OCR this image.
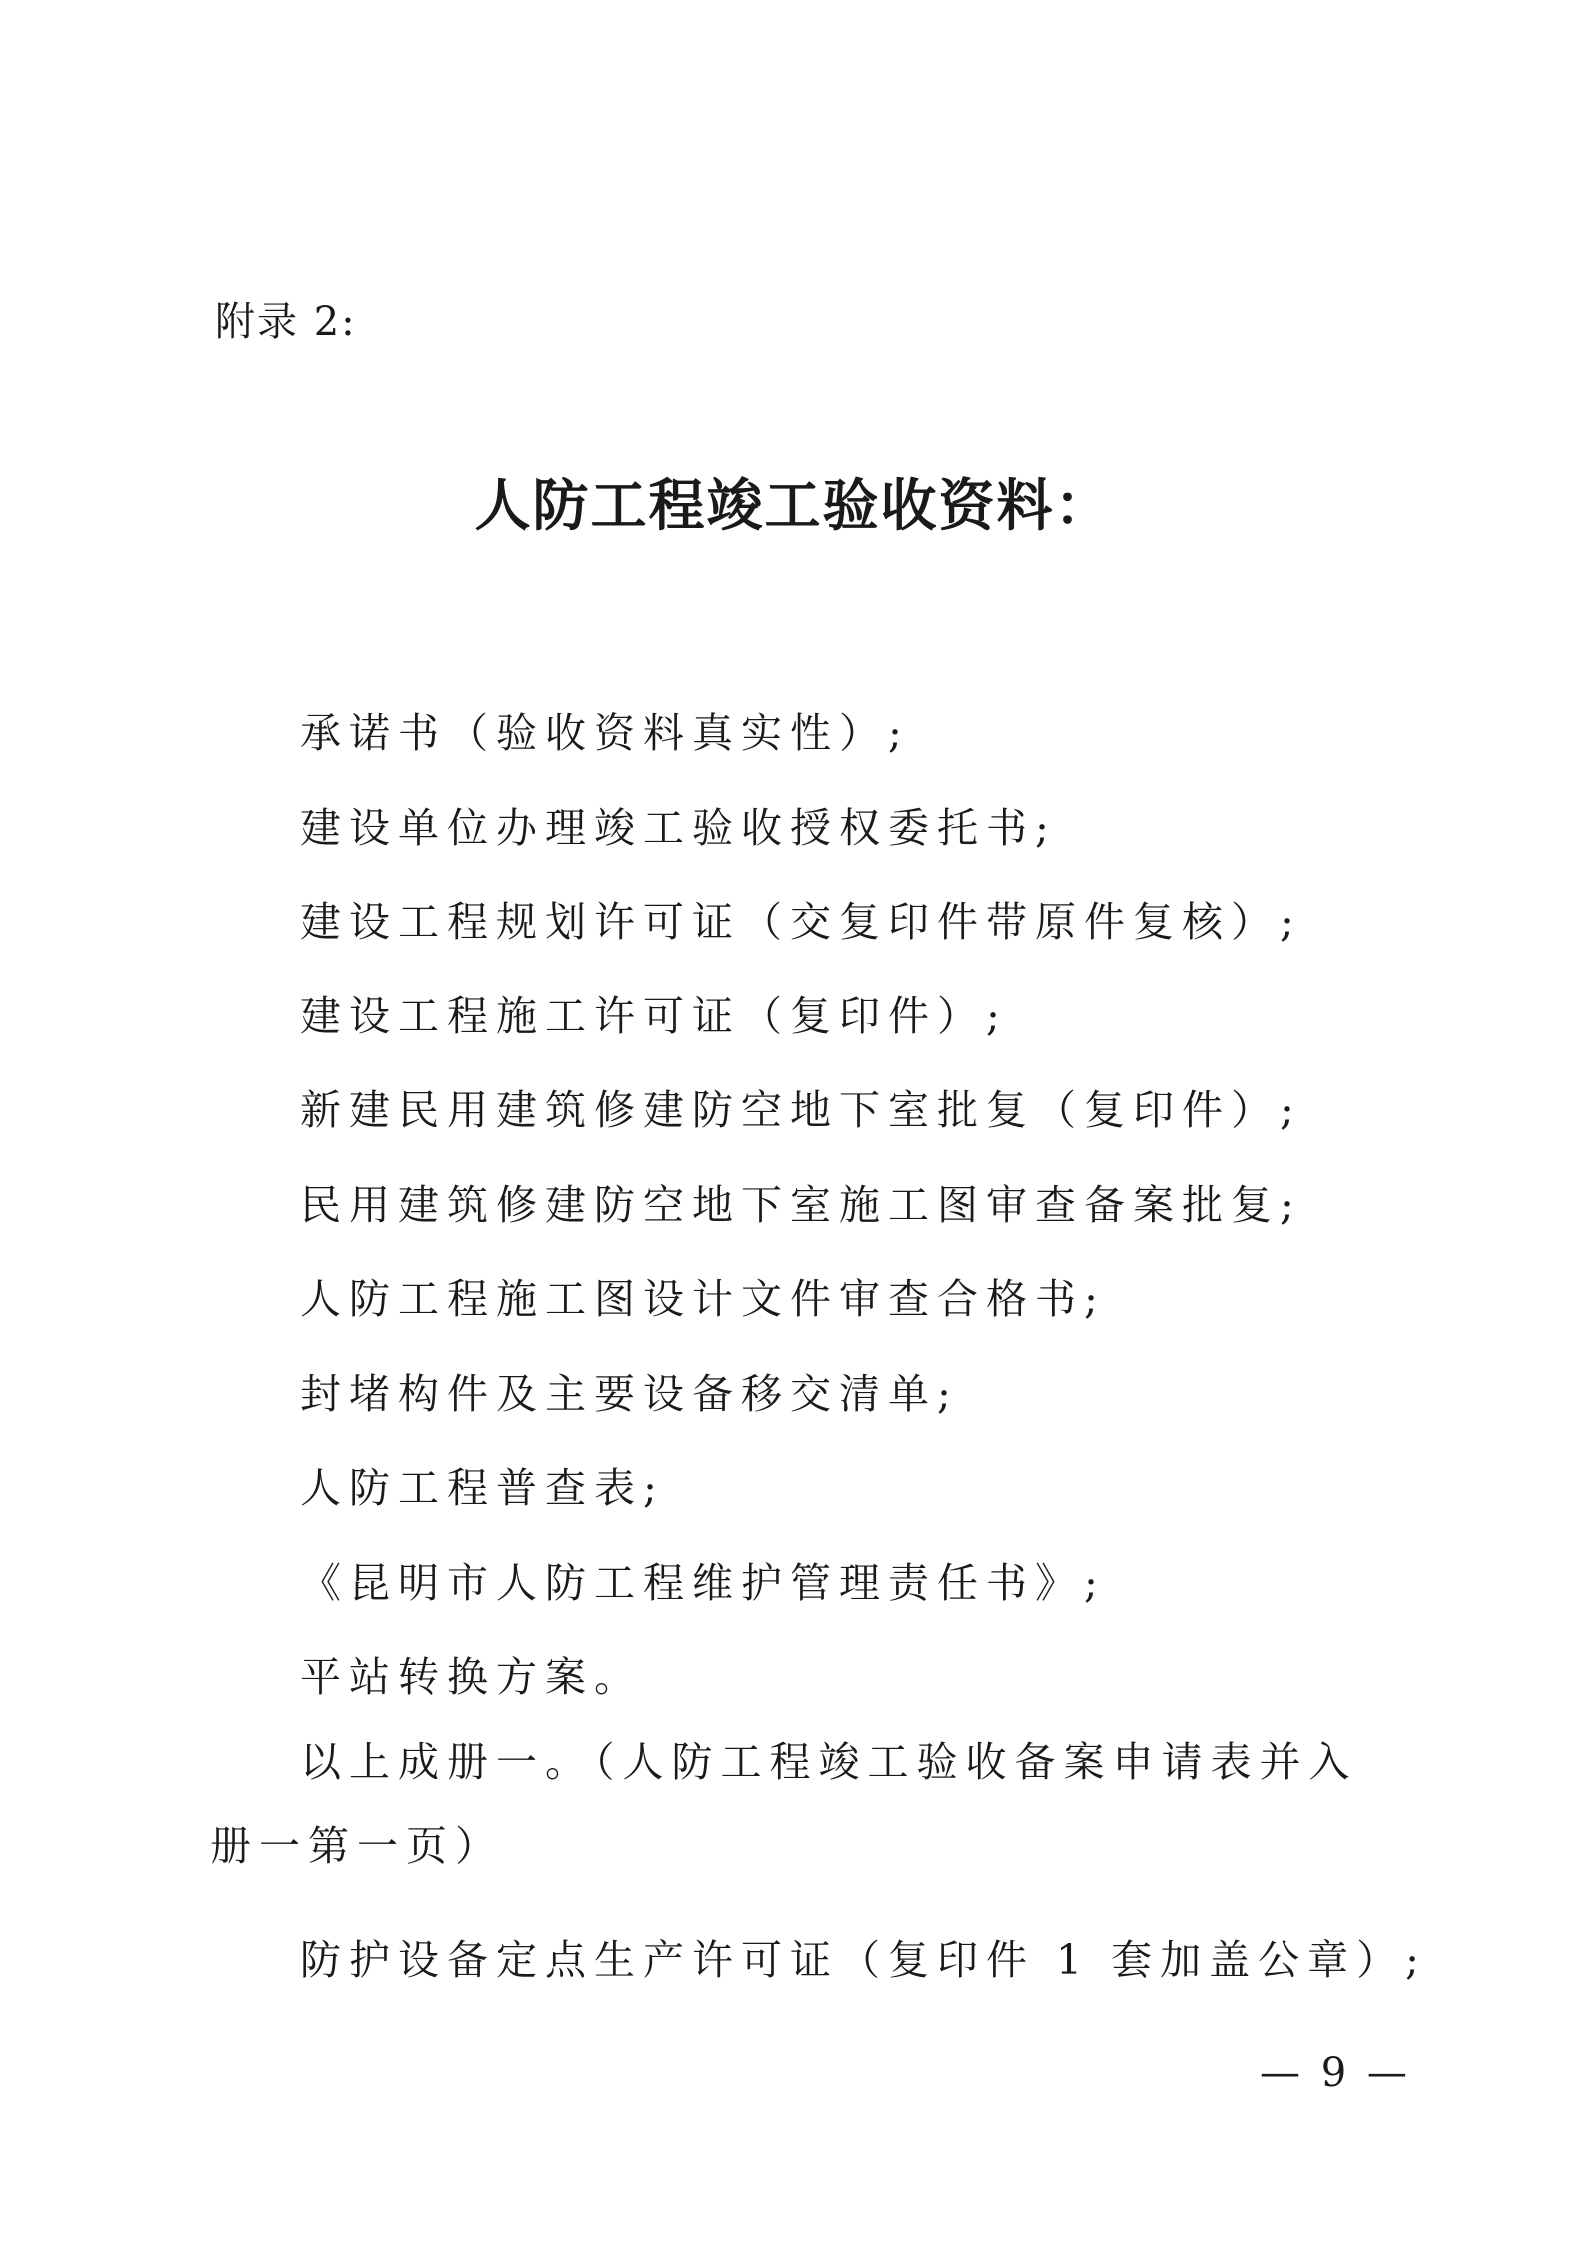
附录 2:
人防工程竣工验收资料：
承诺书（验收资料真实性）;
建设单位办理竣工验收授权委托书;
建设工程规划许可证（交复印件带原件复核）;
建设工程施工许可证（复印件）;
新建民用建筑修建防空地下室批复（复印件）;
民用建筑修建防空地下室施工图审查备案批复;
人防工程施工图设计文件审查合格书;
封堵构件及主要设备移交清单;
人防工程普查表;
《昆明市人防工程维护管理责任书》;
平站转换方案。
以上成册一。（人防工程竣工验收备案申请表并入册一第一页）
防护设备定点生产许可证（复印件 1 套加盖公章）;
— 9 —
